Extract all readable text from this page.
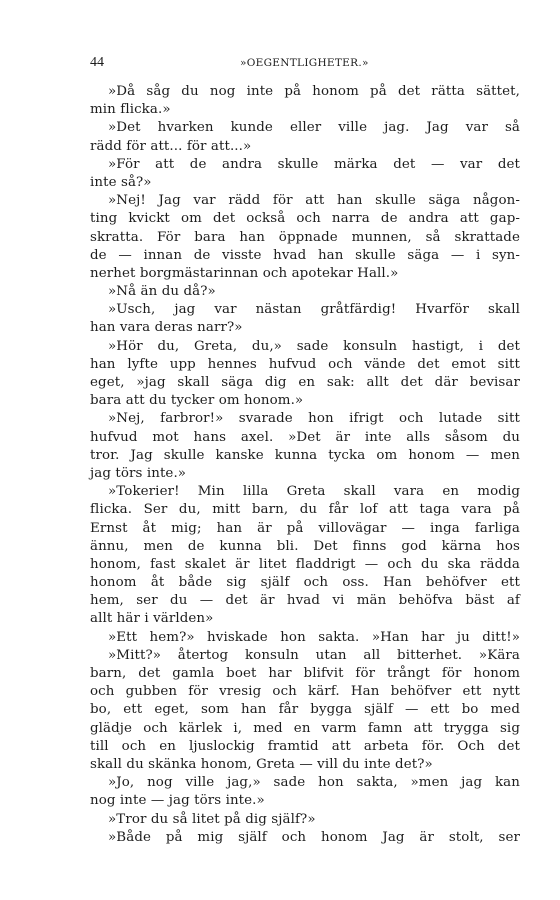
44	»OEGENTLIGHETER.»
»Då såg du nog inte på honom på det rätta sättet,
min flicka.»
»Det hvarken kunde eller ville jag. Jag var så
rädd för att... för att...»
»För att de andra skulle märka det — var det
inte så?»
»Nej! Jag var rädd för att han skulle säga någon-
ting kvickt om det också och narra de andra att gap-
skratta. För bara han öppnade munnen, så skrattade
de — innan de visste hvad han skulle säga — i syn-
nerhet borgmästarinnan och apotekar Hall.»
»Nå än du då?»
»Usch, jag var nästan gråtfärdig! Hvarför skall
han vara deras narr?»
»Hör du, Greta, du,» sade konsuln hastigt, i det
han lyfte upp hennes hufvud och vände det emot sitt
eget, »jag skall säga dig en sak: allt det där bevisar
bara att du tycker om honom.»
»Nej, farbror!» svarade hon ifrigt och lutade sitt
hufvud mot hans axel. »Det är inte alls såsom du
tror. Jag skulle kanske kunna tycka om honom — men
jag törs inte.»
»Tokerier! Min lilla Greta skall vara en modig
flicka. Ser du, mitt barn, du får lof att taga vara på
Ernst åt mig; han är på villovägar — inga farliga
ännu, men de kunna bli. Det finns god kärna hos
honom, fast skalet är litet fladdrigt — och du ska rädda
honom åt både sig själf och oss. Han behöfver ett
hem, ser du — det är hvad vi män behöfva bäst af
allt här i världen»
»Ett hem?» hviskade hon sakta. »Han har ju ditt!»
»Mitt?» återtog konsuln utan all bitterhet. »Kära
barn, det gamla boet har blifvit för trångt för honom
och gubben för vresig och kärf. Han behöfver ett nytt
bo, ett eget, som han får bygga själf — ett bo med
glädje och kärlek i, med en varm famn att trygga sig
till och en ljuslockig framtid att arbeta för. Och det
skall du skänka honom, Greta — vill du inte det?»
»Jo, nog ville jag,» sade hon sakta, »men jag kan
nog inte — jag törs inte.»
»Tror du så litet på dig själf?»
»Både på mig själf och honom Jag är stolt, ser
